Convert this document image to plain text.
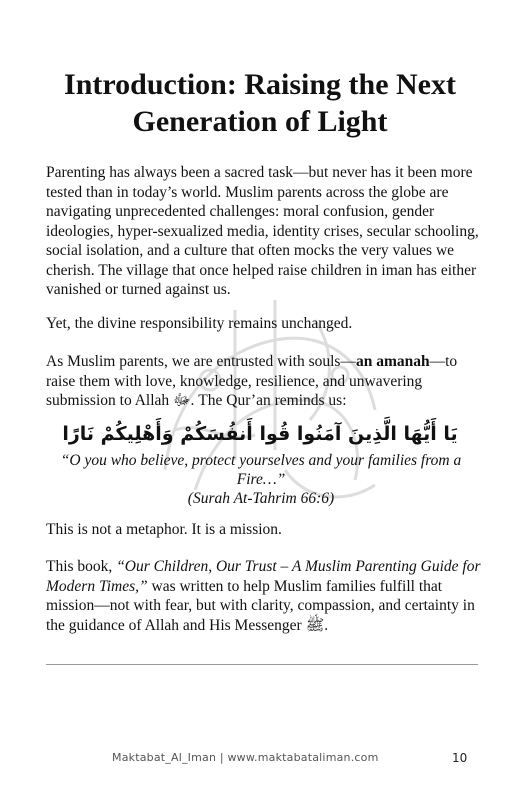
Introduction: Raising the Next
Generation of Light

Parenting has always been a sacred task—but never has it been more tested than in today’s world. Muslim parents across the globe are navigating unprecedented challenges: moral confusion, gender ideologies, hyper-sexualized media, identity crises, secular schooling, social isolation, and a culture that often mocks the very values we cherish. The village that once helped raise children in iman has either vanished or turned against us.

Yet, the divine responsibility remains unchanged.

As Muslim parents, we are entrusted with souls—an amanah—to raise them with love, knowledge, resilience, and unwavering submission to Allah ﷻ. The Qur’an reminds us:

يَا أَيُّهَا الَّذِينَ آمَنُوا قُوا أَنفُسَكُمْ وَأَهْلِيكُمْ نَارًا
“O you who believe, protect yourselves and your families from a Fire…”
(Surah At-Tahrim 66:6)

This is not a metaphor. It is a mission.

This book, “Our Children, Our Trust – A Muslim Parenting Guide for Modern Times,” was written to help Muslim families fulfill that mission—not with fear, but with clarity, compassion, and certainty in the guidance of Allah and His Messenger ﷺ.

Maktabat_Al_Iman | www.maktabataliman.com	10
